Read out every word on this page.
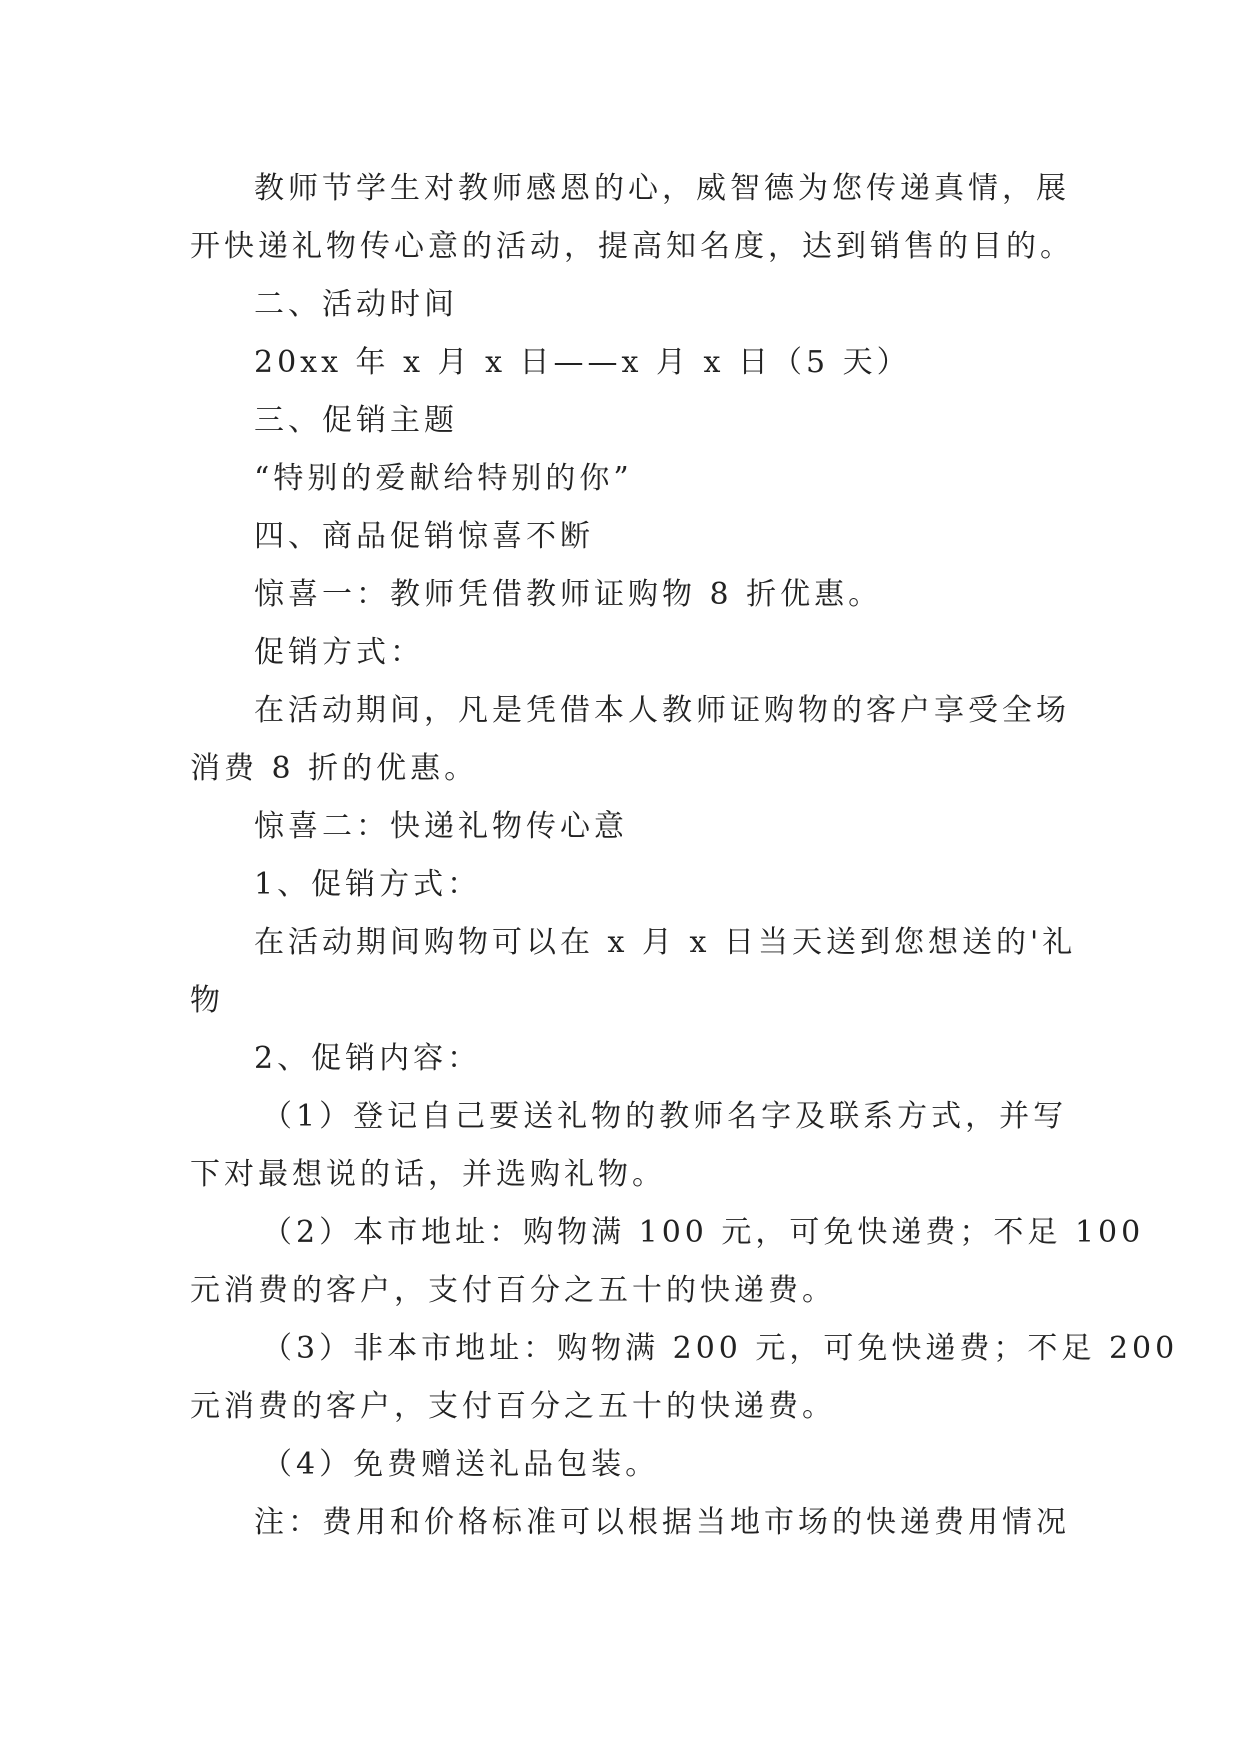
教师节学生对教师感恩的心，威智德为您传递真情，展

开快递礼物传心意的活动，提高知名度，达到销售的目的。

二、活动时间

20xx 年 x 月 x 日——x 月 x 日（5 天）

三、促销主题

“特别的爱献给特别的你”

四、商品促销惊喜不断

惊喜一：教师凭借教师证购物 8 折优惠。

促销方式：

在活动期间，凡是凭借本人教师证购物的客户享受全场

消费 8 折的优惠。

惊喜二：快递礼物传心意

1、促销方式：

在活动期间购物可以在 x 月 x 日当天送到您想送的'礼

物

2、促销内容：

（1）登记自己要送礼物的教师名字及联系方式，并写

下对最想说的话，并选购礼物。

（2）本市地址：购物满 100 元，可免快递费；不足 100

元消费的客户，支付百分之五十的快递费。

（3）非本市地址：购物满 200 元，可免快递费；不足 200

元消费的客户，支付百分之五十的快递费。

（4）免费赠送礼品包装。

注：费用和价格标准可以根据当地市场的快递费用情况
